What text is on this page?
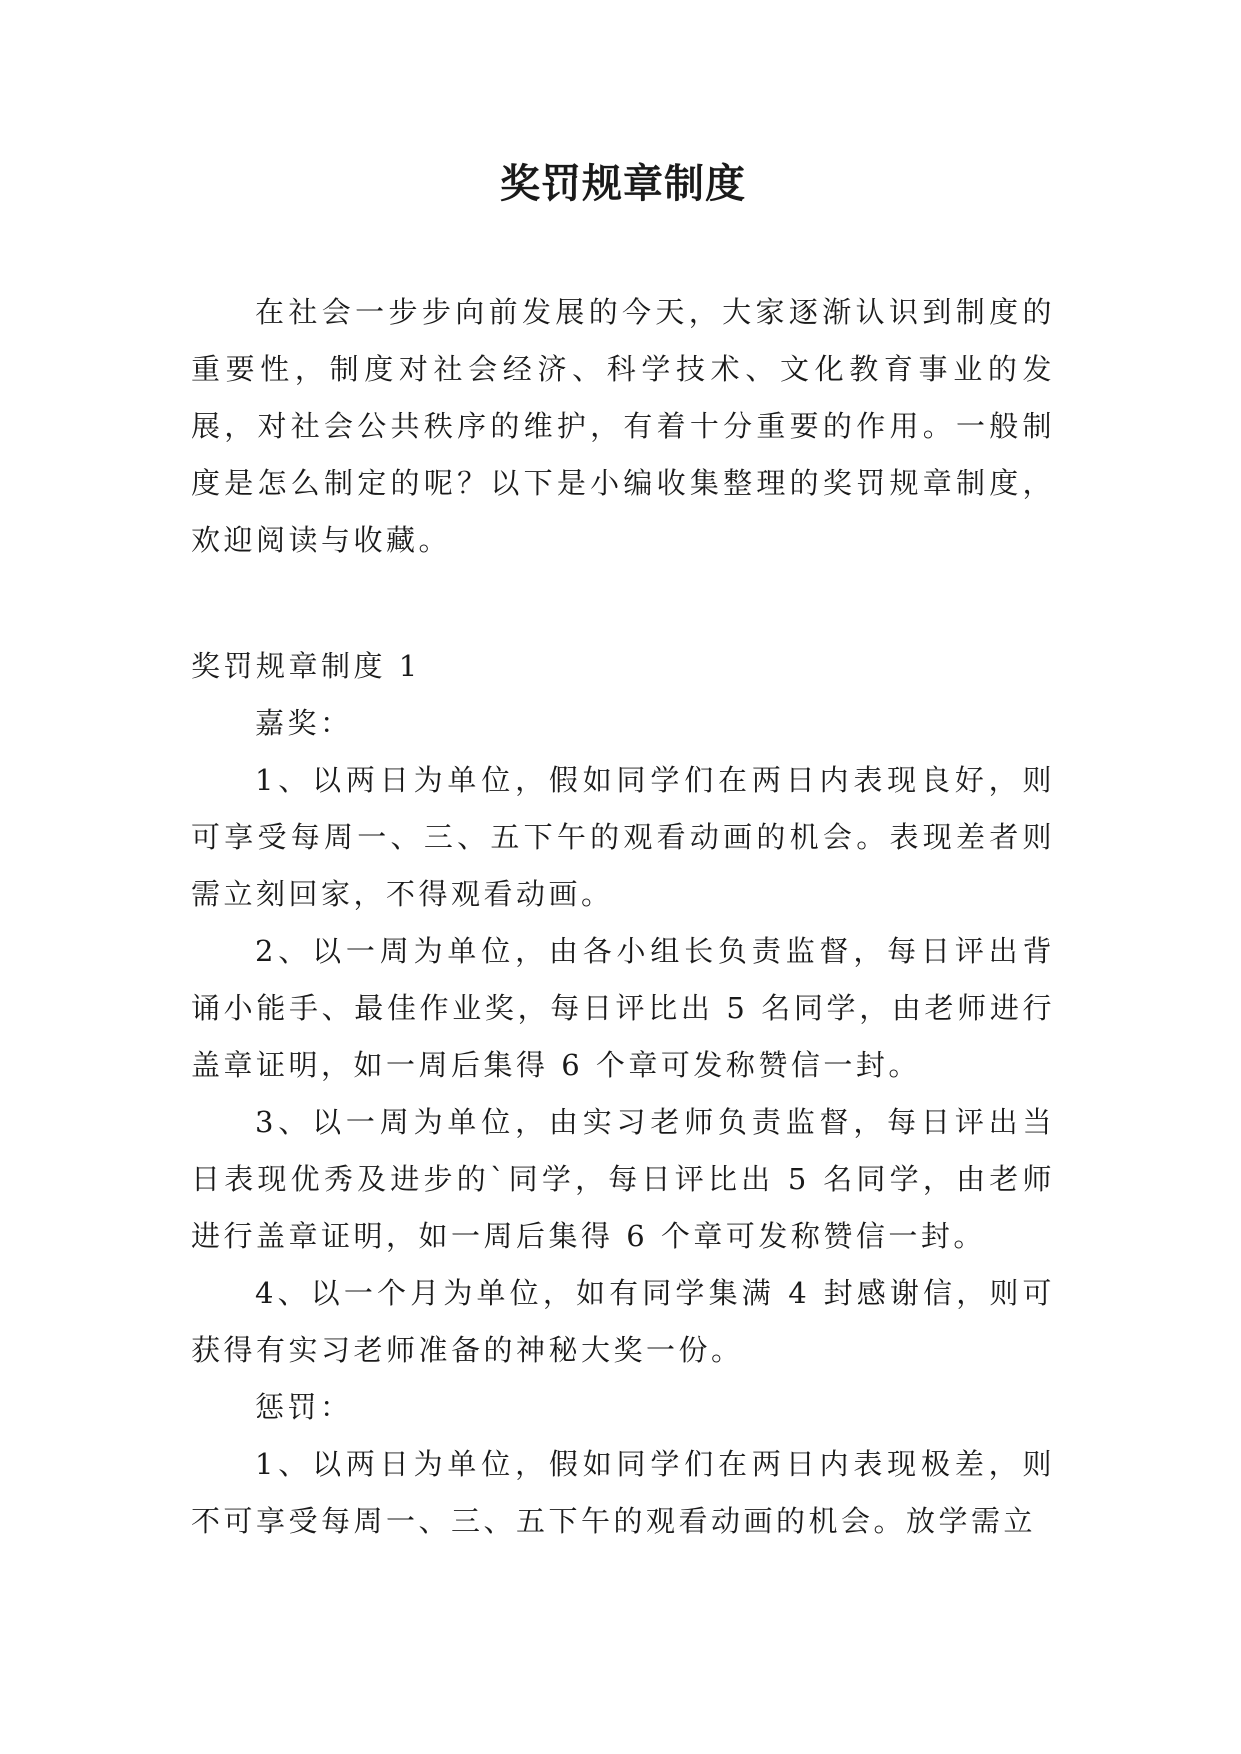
奖罚规章制度

在社会一步步向前发展的今天，大家逐渐认识到制度的重要性，制度对社会经济、科学技术、文化教育事业的发展，对社会公共秩序的维护，有着十分重要的作用。一般制度是怎么制定的呢？以下是小编收集整理的奖罚规章制度，欢迎阅读与收藏。

奖罚规章制度 1

嘉奖：

1、以两日为单位，假如同学们在两日内表现良好，则可享受每周一、三、五下午的观看动画的机会。表现差者则需立刻回家，不得观看动画。

2、以一周为单位，由各小组长负责监督，每日评出背诵小能手、最佳作业奖，每日评比出 5 名同学，由老师进行盖章证明，如一周后集得 6 个章可发称赞信一封。

3、以一周为单位，由实习老师负责监督，每日评出当日表现优秀及进步的`同学，每日评比出 5 名同学，由老师进行盖章证明，如一周后集得 6 个章可发称赞信一封。

4、以一个月为单位，如有同学集满 4 封感谢信，则可获得有实习老师准备的神秘大奖一份。

惩罚：

1、以两日为单位，假如同学们在两日内表现极差，则不可享受每周一、三、五下午的观看动画的机会。放学需立
